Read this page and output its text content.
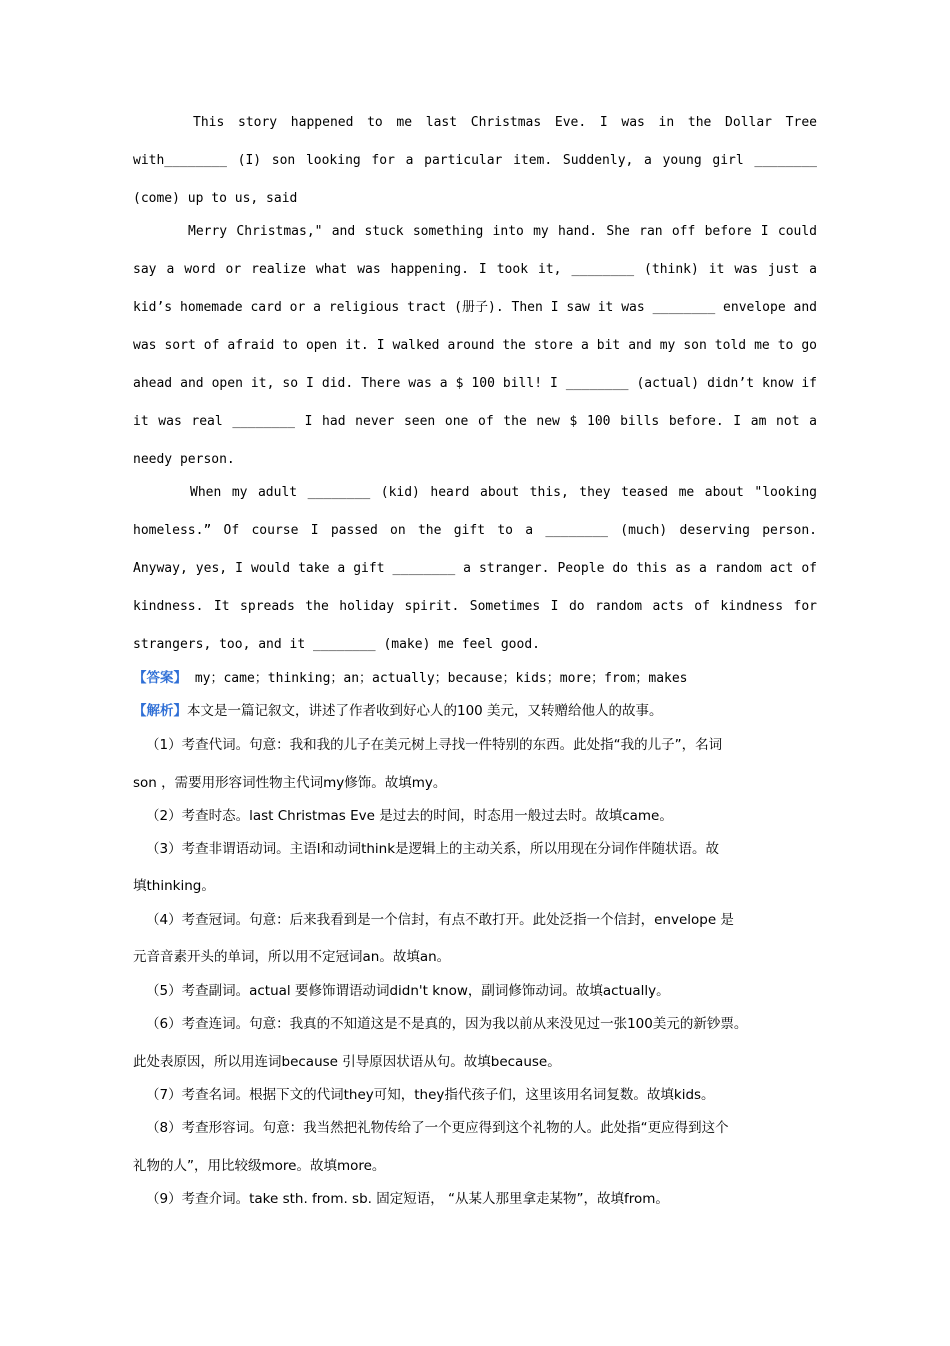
This story happened to me last Christmas Eve. I was in the Dollar Tree
with________ (I) son looking for a particular item. Suddenly, a young girl ________
(come) up to us, said
Merry Christmas," and stuck something into my hand. She ran off before I could
say a word or realize what was happening. I took it, ________ (think) it was just a
kid’s homemade card or a religious tract (册子). Then I saw it was ________ envelope and
was sort of afraid to open it. I walked around the store a bit and my son told me to go
ahead and open it, so I did. There was a $ 100 bill! I ________ (actual) didn’t know if
it was real ________ I had never seen one of the new $ 100 bills before. I am not a
needy person.
When my adult ________ (kid) heard about this, they teased me about "looking
homeless.” Of course I passed on the gift to a ________ (much) deserving person.
Anyway, yes, I would take a gift ________ a stranger. People do this as a random act of
kindness. It spreads the holiday spirit. Sometimes I do random acts of kindness for
strangers, too, and it ________ (make) me feel good.
【答案】 my；came；thinking；an；actually；because；kids；more；from；makes
【解析】本文是一篇记叙文，讲述了作者收到好心人的100 美元，又转赠给他人的故事。
（1）考查代词。句意：我和我的儿子在美元树上寻找一件特别的东西。此处指“我的儿子”，名词
son ，需要用形容词性物主代词my修饰。故填my。
（2）考查时态。last Christmas Eve 是过去的时间，时态用一般过去时。故填came。
（3）考查非谓语动词。主语I和动词think是逻辑上的主动关系，所以用现在分词作伴随状语。故
填thinking。
（4）考查冠词。句意：后来我看到是一个信封，有点不敢打开。此处泛指一个信封，envelope 是
元音音素开头的单词，所以用不定冠词an。故填an。
（5）考查副词。actual 要修饰谓语动词didn't know，副词修饰动词。故填actually。
（6）考查连词。句意：我真的不知道这是不是真的，因为我以前从来没见过一张100美元的新钞票。
此处表原因，所以用连词because 引导原因状语从句。故填because。
（7）考查名词。根据下文的代词they可知，they指代孩子们，这里该用名词复数。故填kids。
（8）考查形容词。句意：我当然把礼物传给了一个更应得到这个礼物的人。此处指“更应得到这个
礼物的人”，用比较级more。故填more。
（9）考查介词。take sth. from. sb. 固定短语， “从某人那里拿走某物”，故填from。
